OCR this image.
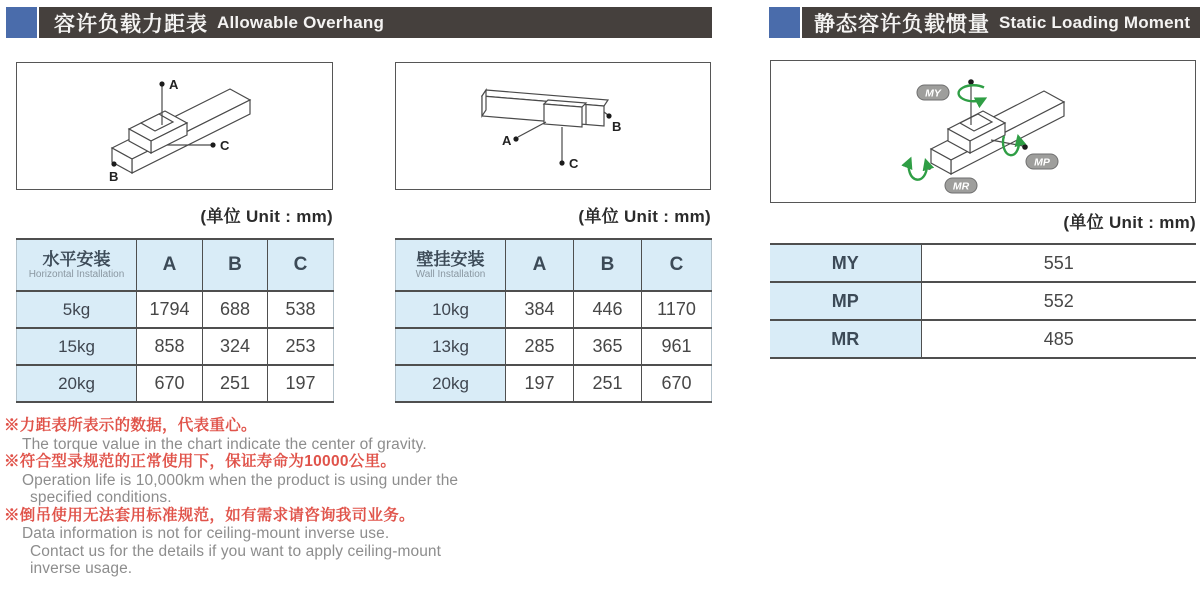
容许负载力距表 Allowable Overhang	静态容许负载惯量 Static Loading Moment
A
B
C
(单位 Unit : mm)
A
B
C
(单位 Unit : mm)
MY
MP
MR
(单位 Unit : mm)
水平安装
Horizontal Installation	A	B	C
5kg	1794	688	538
15kg	858	324	253
20kg	670	251	197
壁挂安装
Wall Installation	A	B	C
10kg	384	446	1170
13kg	285	365	961
20kg	197	251	670
MY	551
MP	552
MR	485
※力距表所表示的数据，代表重心。
The torque value in the chart indicate the center of gravity.
※符合型录规范的正常使用下，保证寿命为10000公里。
Operation life is 10,000km when the product is using under the
specified conditions.
※倒吊使用无法套用标准规范，如有需求请咨询我司业务。
Data information is not for ceiling-mount inverse use.
Contact us for the details if you want to apply ceiling-mount
inverse usage.
